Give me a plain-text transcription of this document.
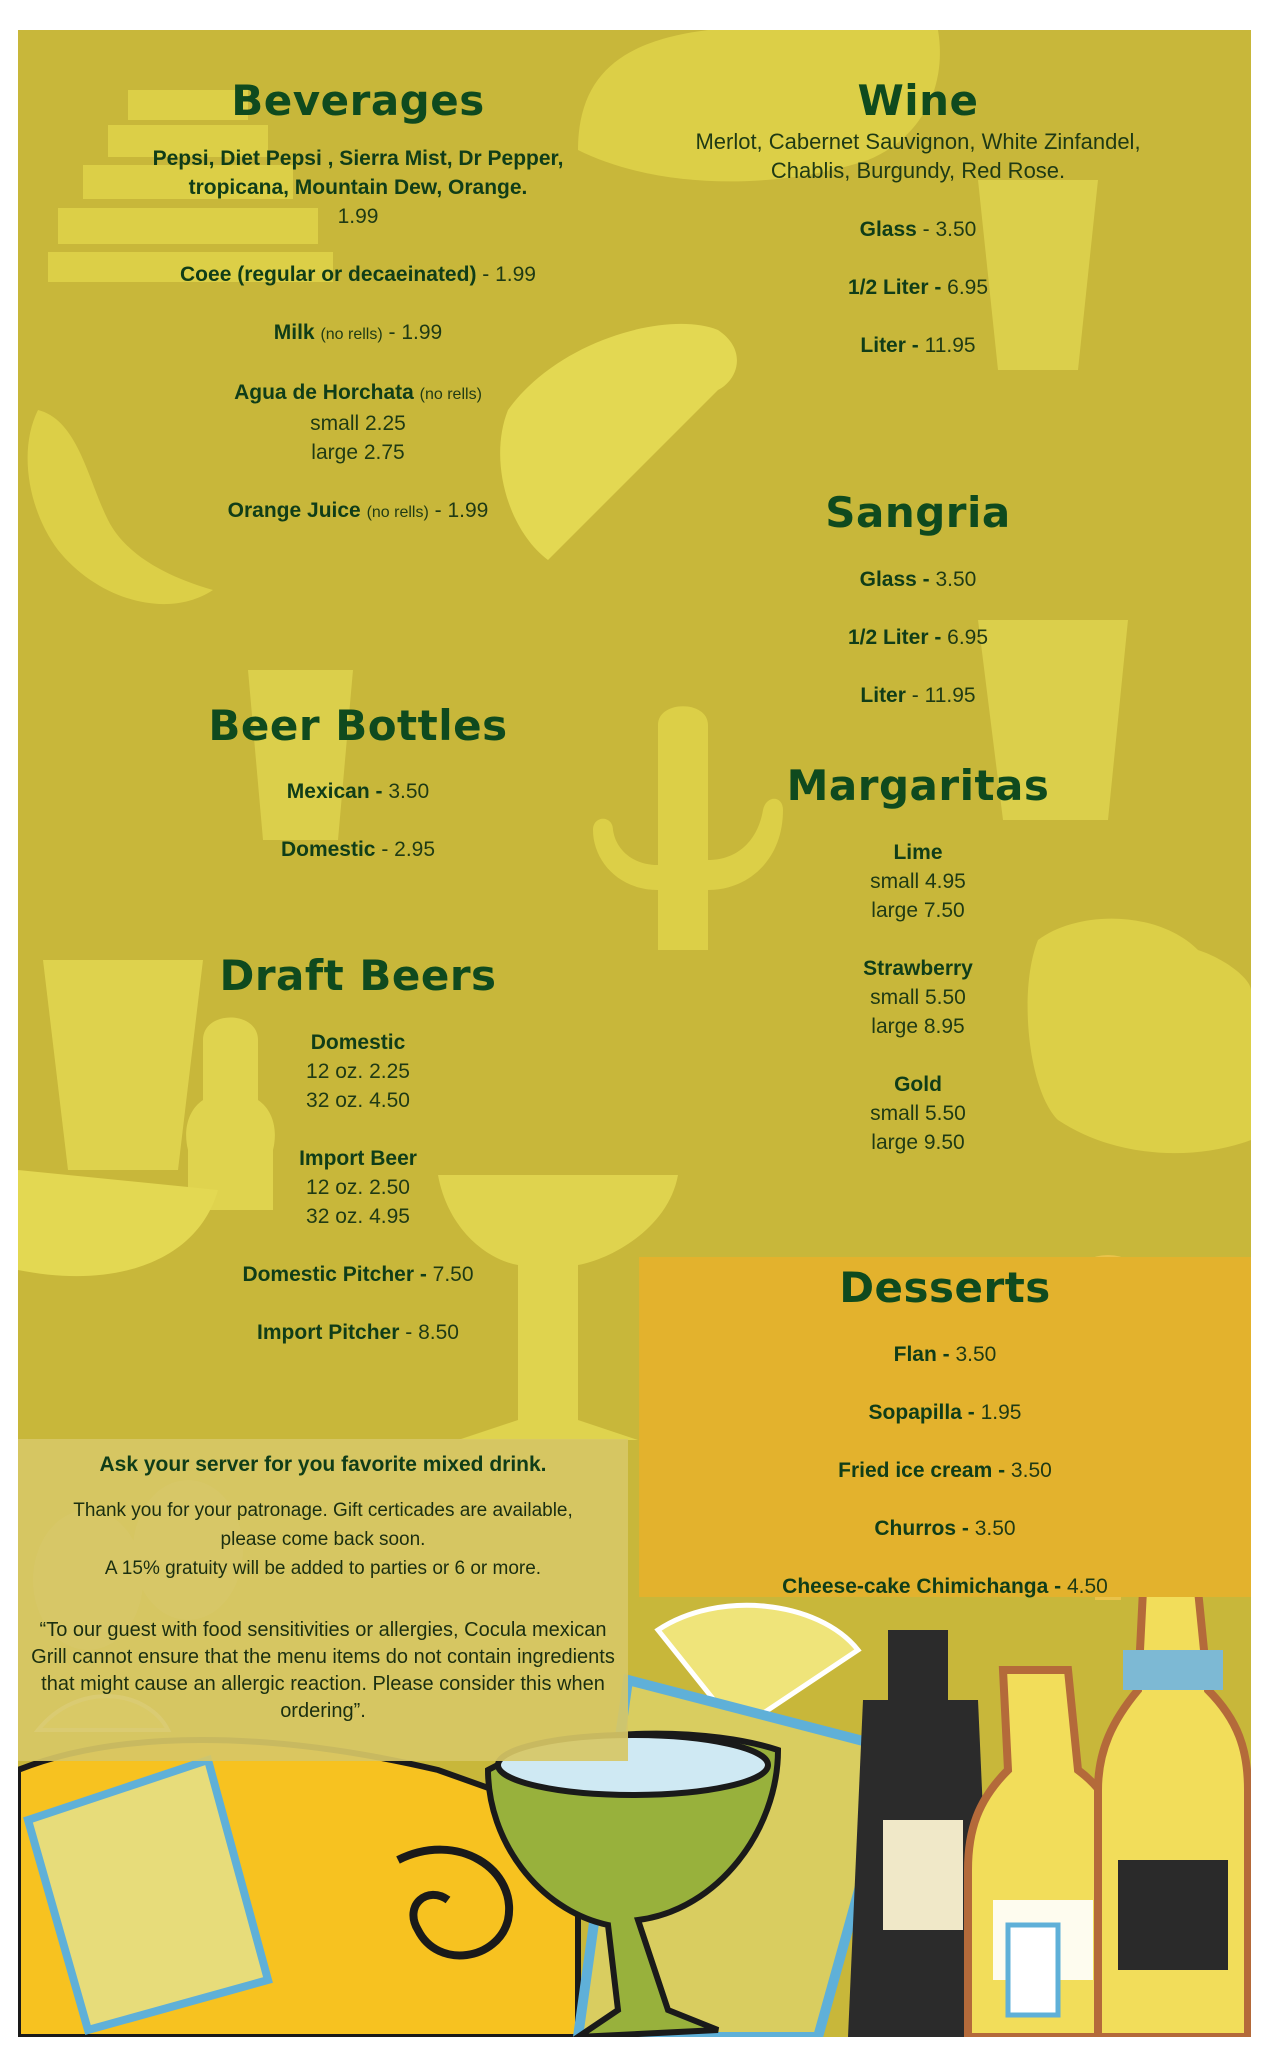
Beverages
Pepsi, Diet Pepsi , Sierra Mist, Dr Pepper, tropicana, Mountain Dew, Orange.
1.99
Coee (regular or decaeinated) - 1.99
Milk (no rells) - 1.99
Agua de Horchata (no rells)
small 2.25
large 2.75
Orange Juice (no rells) - 1.99
Wine
Merlot, Cabernet Sauvignon, White Zinfandel, Chablis, Burgundy, Red Rose.
Glass - 3.50
1/2 Liter - 6.95
Liter - 11.95
Sangria
Glass - 3.50
1/2 Liter - 6.95
Liter - 11.95
Beer Bottles
Mexican - 3.50
Domestic - 2.95
Draft Beers
Domestic
12 oz. 2.25
32 oz. 4.50
Import Beer
12 oz. 2.50
32 oz. 4.95
Domestic Pitcher - 7.50
Import Pitcher - 8.50
Margaritas
Lime
small 4.95
large 7.50
Strawberry
small 5.50
large 8.95
Gold
small 5.50
large 9.50
Desserts
Flan - 3.50
Sopapilla - 1.95
Fried ice cream - 3.50
Churros - 3.50
Cheese-cake Chimichanga - 4.50
Ask your server for you favorite mixed drink.
Thank you for your patronage. Gift certicades are available, please come back soon.
A 15% gratuity will be added to parties or 6 or more.
“To our guest with food sensitivities or allergies, Cocula mexican Grill cannot ensure that the menu items do not contain ingredients that might cause an allergic reaction. Please consider this when ordering”.
